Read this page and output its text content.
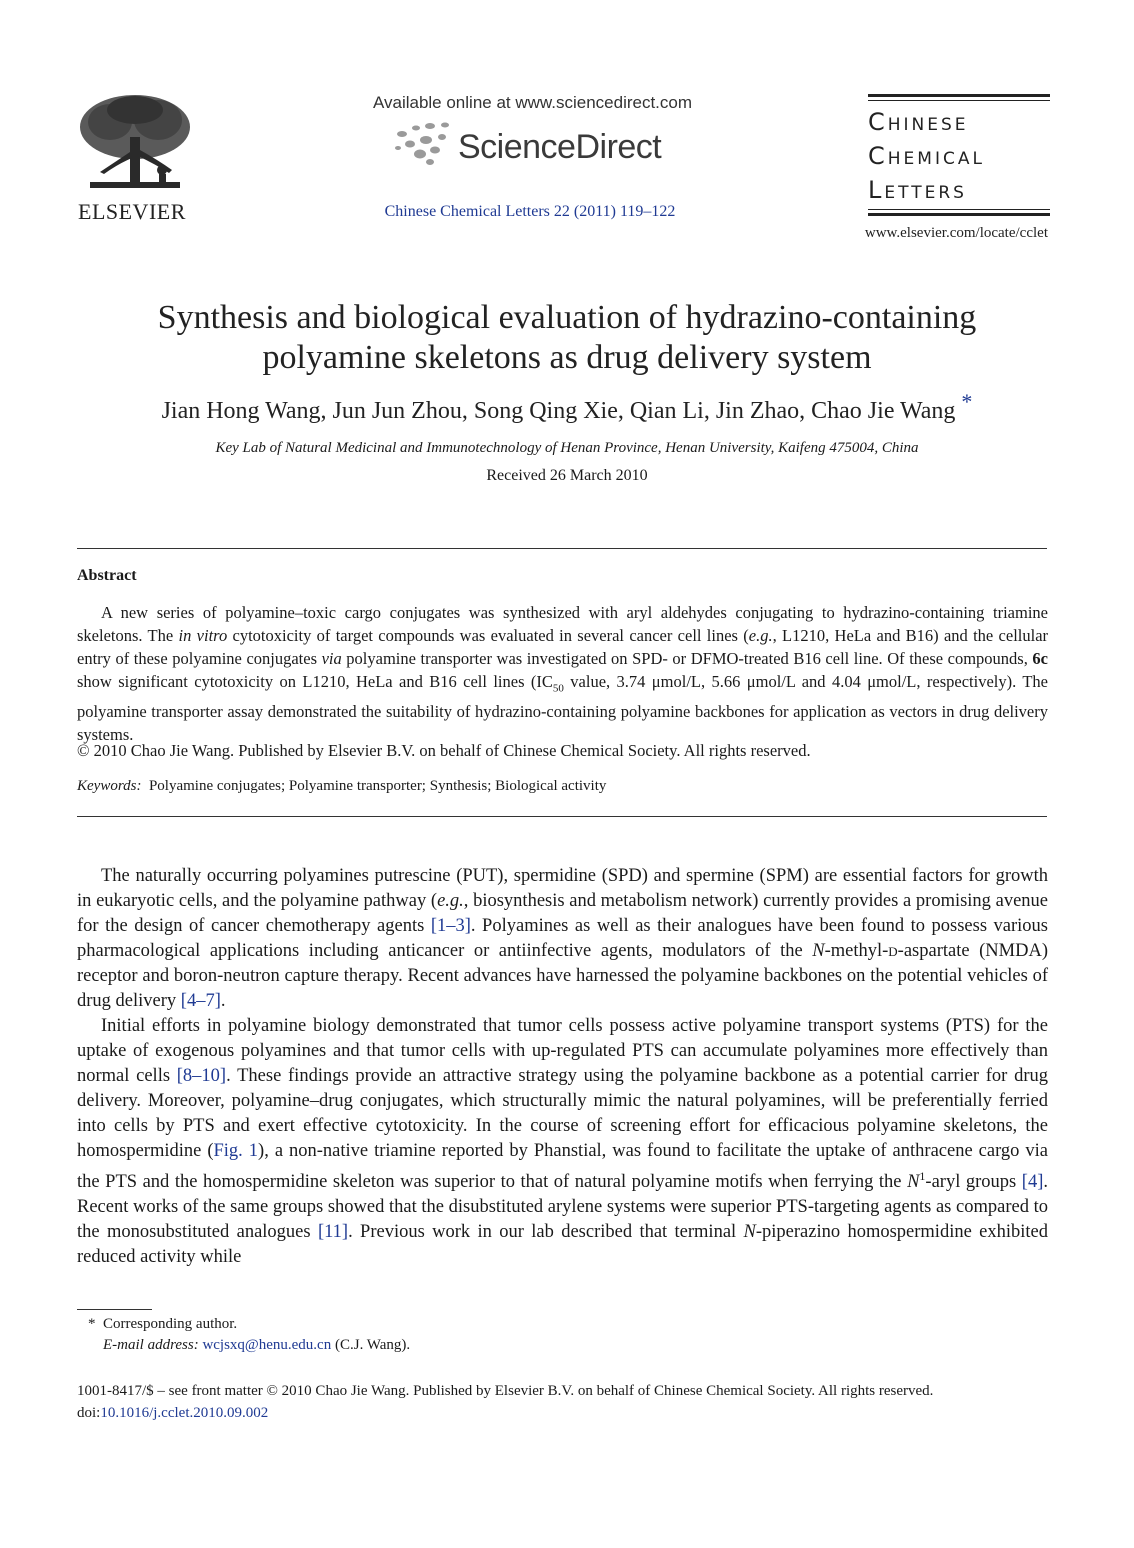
ELSEVIER
Available online at www.sciencedirect.com
ScienceDirect
Chinese Chemical Letters 22 (2011) 119–122
Chinese
Chemical
Letters
www.elsevier.com/locate/cclet
Synthesis and biological evaluation of hydrazino-containing polyamine skeletons as drug delivery system
Jian Hong Wang, Jun Jun Zhou, Song Qing Xie, Qian Li, Jin Zhao, Chao Jie Wang *
Key Lab of Natural Medicinal and Immunotechnology of Henan Province, Henan University, Kaifeng 475004, China
Received 26 March 2010
Abstract
A new series of polyamine–toxic cargo conjugates was synthesized with aryl aldehydes conjugating to hydrazino-containing triamine skeletons. The in vitro cytotoxicity of target compounds was evaluated in several cancer cell lines (e.g., L1210, HeLa and B16) and the cellular entry of these polyamine conjugates via polyamine transporter was investigated on SPD- or DFMO-treated B16 cell line. Of these compounds, 6c show significant cytotoxicity on L1210, HeLa and B16 cell lines ($IC_{50}$ value, 3.74 μmol/L, 5.66 μmol/L and 4.04 μmol/L, respectively). The polyamine transporter assay demonstrated the suitability of hydrazino-containing polyamine backbones for application as vectors in drug delivery systems.
© 2010 Chao Jie Wang. Published by Elsevier B.V. on behalf of Chinese Chemical Society. All rights reserved.
Keywords: Polyamine conjugates; Polyamine transporter; Synthesis; Biological activity

The naturally occurring polyamines putrescine (PUT), spermidine (SPD) and spermine (SPM) are essential factors for growth in eukaryotic cells, and the polyamine pathway (e.g., biosynthesis and metabolism network) currently provides a promising avenue for the design of cancer chemotherapy agents [1–3]. Polyamines as well as their analogues have been found to possess various pharmacological applications including anticancer or antiinfective agents, modulators of the N-methyl-d-aspartate (NMDA) receptor and boron-neutron capture therapy. Recent advances have harnessed the polyamine backbones on the potential vehicles of drug delivery [4–7].

Initial efforts in polyamine biology demonstrated that tumor cells possess active polyamine transport systems (PTS) for the uptake of exogenous polyamines and that tumor cells with up-regulated PTS can accumulate polyamines more effectively than normal cells [8–10]. These findings provide an attractive strategy using the polyamine backbone as a potential carrier for drug delivery. Moreover, polyamine–drug conjugates, which structurally mimic the natural polyamines, will be preferentially ferried into cells by PTS and exert effective cytotoxicity. In the course of screening effort for efficacious polyamine skeletons, the homospermidine (Fig. 1), a non-native triamine reported by Phanstial, was found to facilitate the uptake of anthracene cargo via the PTS and the homospermidine skeleton was superior to that of natural polyamine motifs when ferrying the $N^1$-aryl groups [4]. Recent works of the same groups showed that the disubstituted arylene systems were superior PTS-targeting agents as compared to the monosubstituted analogues [11]. Previous work in our lab described that terminal N-piperazino homospermidine exhibited reduced activity while

* Corresponding author.
E-mail address: wcjsxq@henu.edu.cn (C.J. Wang).
1001-8417/$ – see front matter © 2010 Chao Jie Wang. Published by Elsevier B.V. on behalf of Chinese Chemical Society. All rights reserved.
doi:10.1016/j.cclet.2010.09.002
